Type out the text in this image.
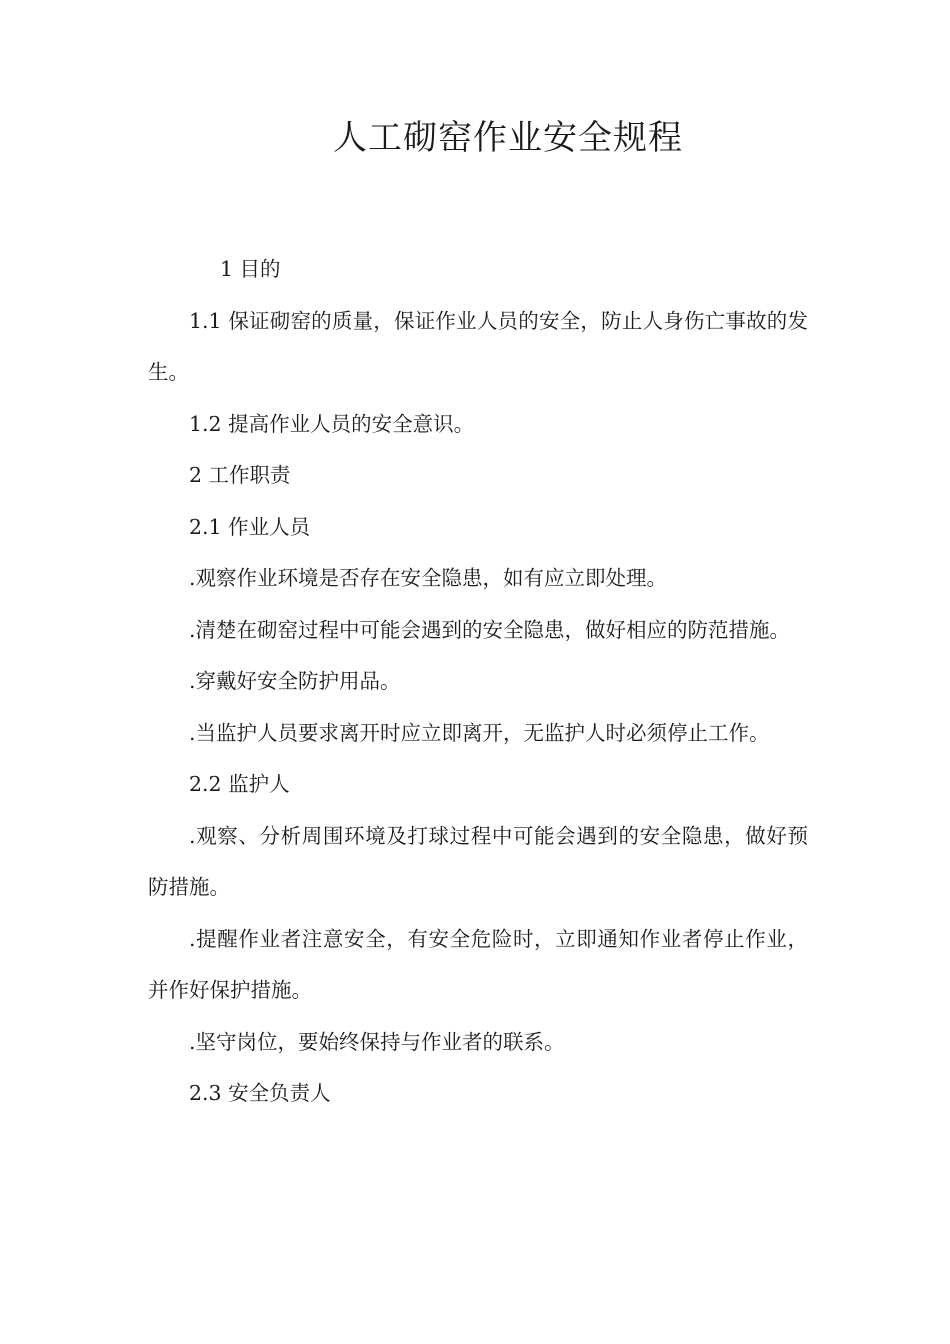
人工砌窑作业安全规程

1 目的

1.1 保证砌窑的质量，保证作业人员的安全，防止人身伤亡事故的发生。

1.2 提高作业人员的安全意识。

2 工作职责

2.1 作业人员

.观察作业环境是否存在安全隐患，如有应立即处理。

.清楚在砌窑过程中可能会遇到的安全隐患，做好相应的防范措施。

.穿戴好安全防护用品。

.当监护人员要求离开时应立即离开，无监护人时必须停止工作。

2.2 监护人

.观察、分析周围环境及打球过程中可能会遇到的安全隐患，做好预防措施。

.提醒作业者注意安全，有安全危险时，立即通知作业者停止作业，并作好保护措施。

.坚守岗位，要始终保持与作业者的联系。

2.3 安全负责人
